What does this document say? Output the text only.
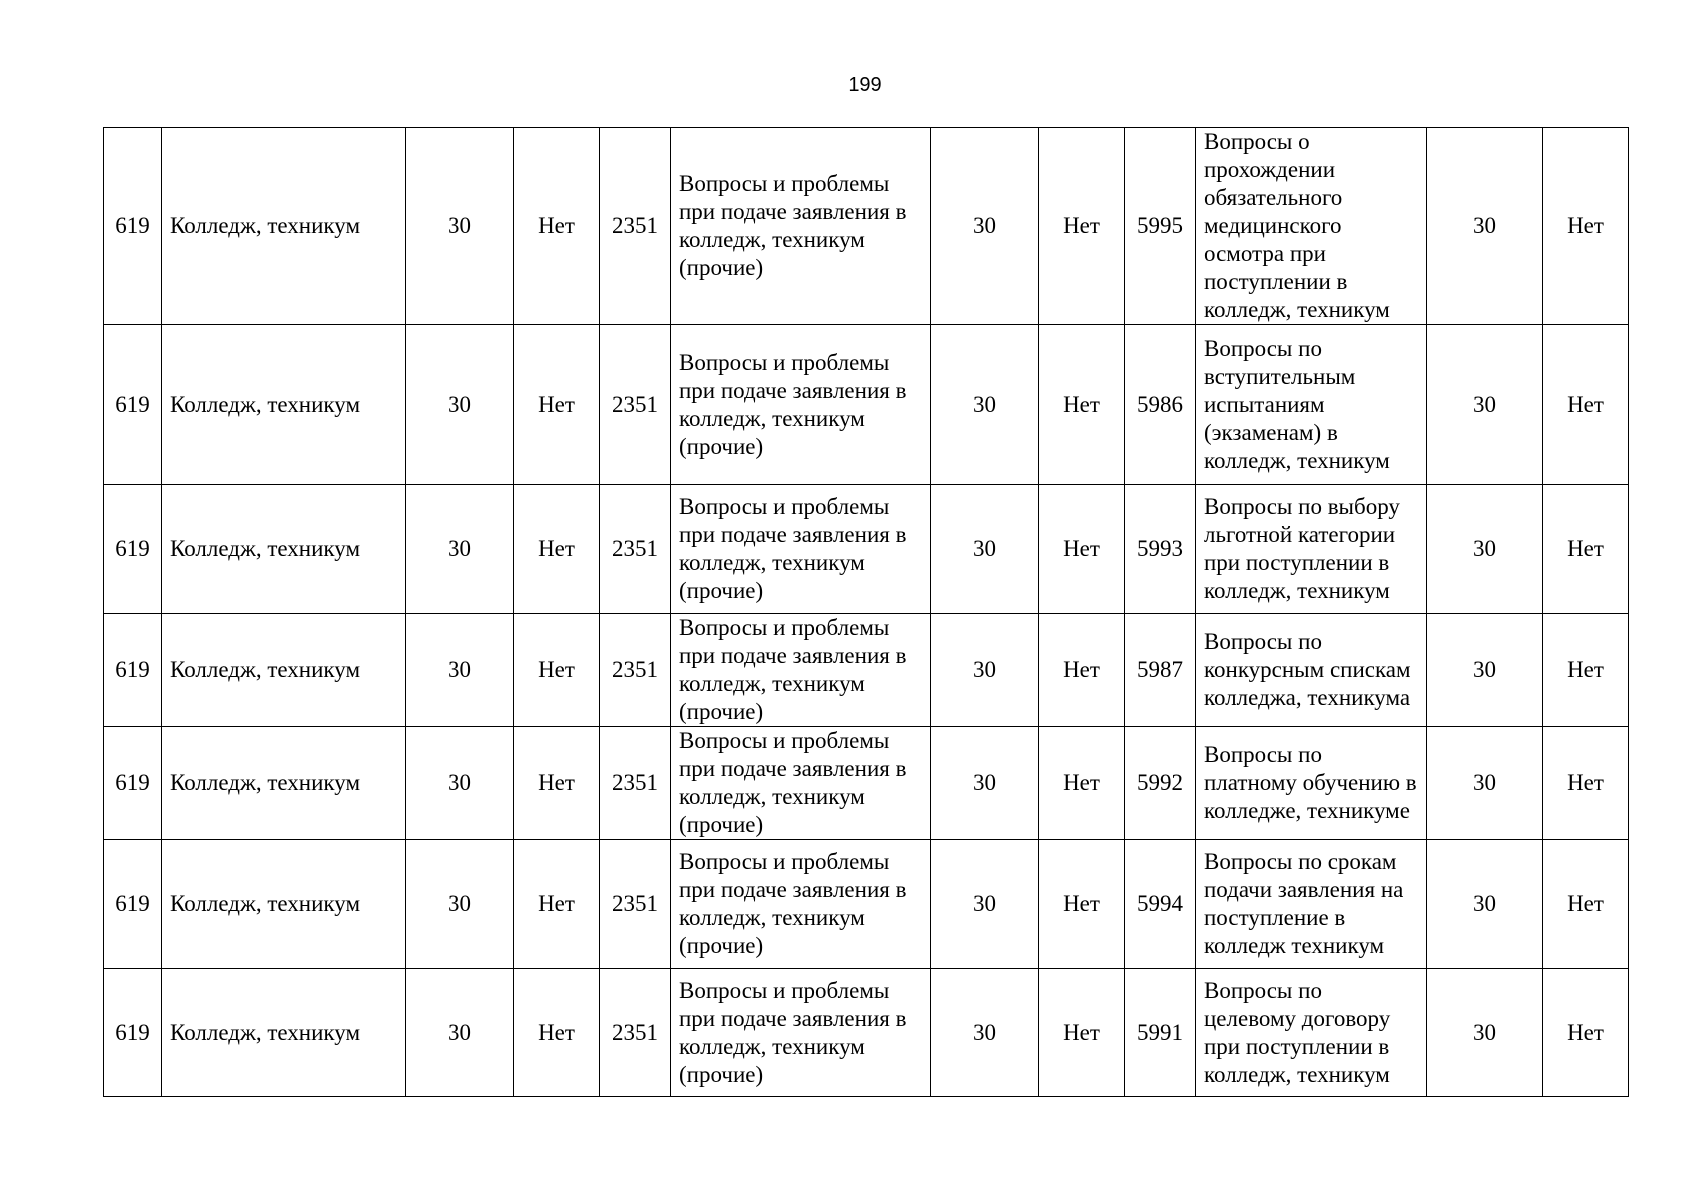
199
619	Колледж, техникум	30	Нет	2351	Вопросы и проблемы при подаче заявления в колледж, техникум (прочие)	30	Нет	5995	Вопросы о прохождении обязательного медицинского осмотра при поступлении в колледж, техникум	30	Нет
619	Колледж, техникум	30	Нет	2351	Вопросы и проблемы при подаче заявления в колледж, техникум (прочие)	30	Нет	5986	Вопросы по вступительным испытаниям (экзаменам) в колледж, техникум	30	Нет
619	Колледж, техникум	30	Нет	2351	Вопросы и проблемы при подаче заявления в колледж, техникум (прочие)	30	Нет	5993	Вопросы по выбору льготной категории при поступлении в колледж, техникум	30	Нет
619	Колледж, техникум	30	Нет	2351	Вопросы и проблемы при подаче заявления в колледж, техникум (прочие)	30	Нет	5987	Вопросы по конкурсным спискам колледжа, техникума	30	Нет
619	Колледж, техникум	30	Нет	2351	Вопросы и проблемы при подаче заявления в колледж, техникум (прочие)	30	Нет	5992	Вопросы по платному обучению в колледже, техникуме	30	Нет
619	Колледж, техникум	30	Нет	2351	Вопросы и проблемы при подаче заявления в колледж, техникум (прочие)	30	Нет	5994	Вопросы по срокам подачи заявления на поступление в колледж техникум	30	Нет
619	Колледж, техникум	30	Нет	2351	Вопросы и проблемы при подаче заявления в колледж, техникум (прочие)	30	Нет	5991	Вопросы по целевому договору при поступлении в колледж, техникум	30	Нет
